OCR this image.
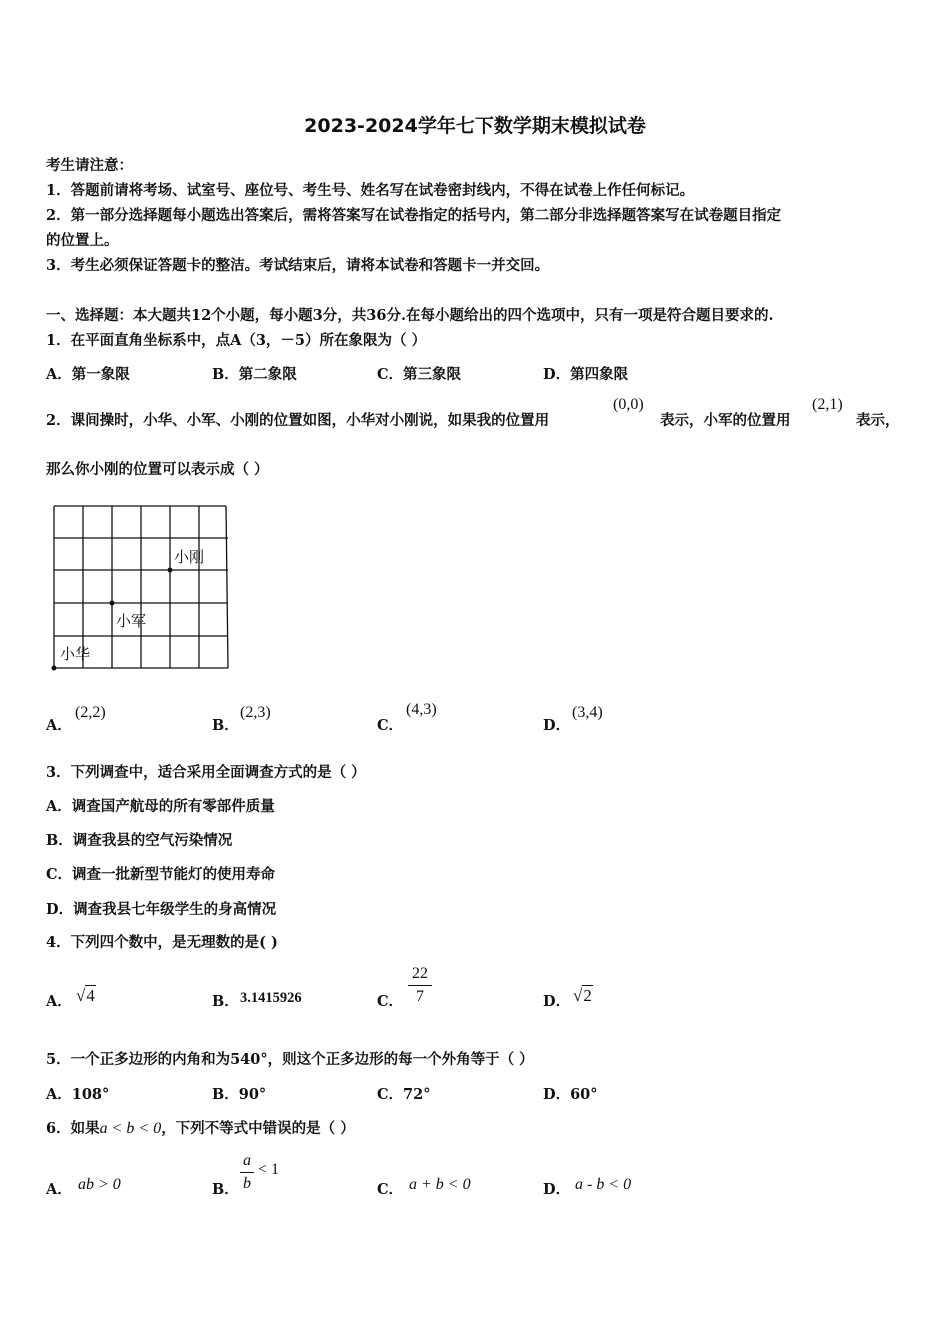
2023-2024学年七下数学期末模拟试卷
考生请注意：
1．答题前请将考场、试室号、座位号、考生号、姓名写在试卷密封线内，不得在试卷上作任何标记。
2．第一部分选择题每小题选出答案后，需将答案写在试卷指定的括号内，第二部分非选择题答案写在试卷题目指定
的位置上。
3．考生必须保证答题卡的整洁。考试结束后，请将本试卷和答题卡一并交回。
一、选择题：本大题共12个小题，每小题3分，共36分.在每小题给出的四个选项中，只有一项是符合题目要求的.
1．在平面直角坐标系中，点A（3，－5）所在象限为（ ）
A．第一象限	B．第二象限	C．第三象限	D．第四象限
2．课间操时，小华、小军、小刚的位置如图，小华对小刚说，如果我的位置用
(0,0)
表示，小军的位置用
(2,1)
表示，
那么你小刚的位置可以表示成（ ）
小刚
小军
小华
A．
(2,2)
B．
(2,3)
C．
(4,3)
D．
(3,4)
3．下列调查中，适合采用全面调查方式的是（ ）
A．调查国产航母的所有零部件质量
B．调查我县的空气污染情况
C．调查一批新型节能灯的使用寿命
D．调查我县七年级学生的身高情况
4．下列四个数中，是无理数的是( )
A． √4	B． 3.1415926	C．
22
7	D． √2
5．一个正多边形的内角和为540°，则这个正多边形的每一个外角等于（ ）
A．108°	B．90°	C．72°	D．60°
6．如果a < b < 0，下列不等式中错误的是（ ）
A． ab > 0	B．
a
b
< 1
C． a + b < 0	D． a - b < 0
